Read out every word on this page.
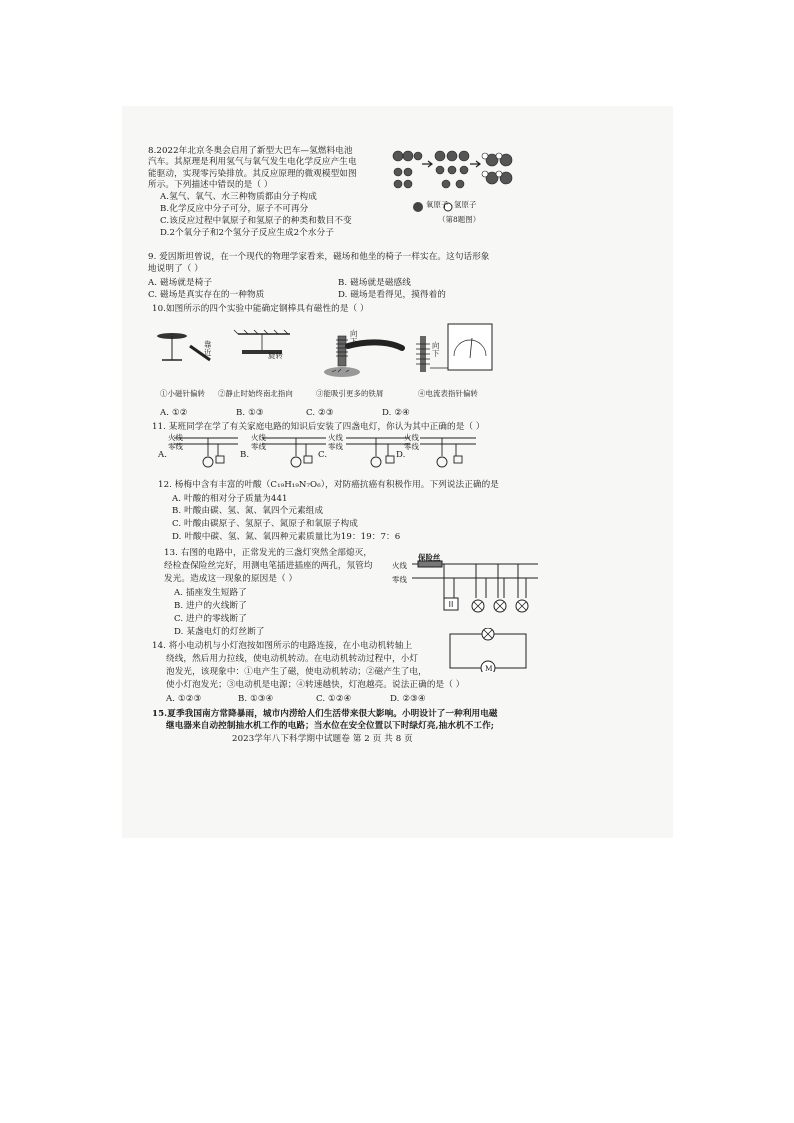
8.2022年北京冬奥会启用了新型大巴车—氢燃料电池
汽车。其原理是利用氢气与氧气发生电化学反应产生电
能驱动，实现零污染排放。其反应原理的微观模型如图
所示。下列描述中错误的是（ ）
A.氢气、氧气、水三种物质都由分子构成
B.化学反应中分子可分，原子不可再分
C.该反应过程中氧原子和氢原子的种类和数目不变
D.2个氧分子和2个氢分子反应生成2个水分子
氧原子 氢原子
（第8题图）
9. 爱因斯坦曾说，在一个现代的物理学家看来，磁场和他坐的椅子一样实在。这句话形象
地说明了（ ）
A. 磁场就是椅子	B. 磁场就是磁感线
C. 磁场是真实存在的一种物质	D. 磁场是看得见，摸得着的
10.如图所示的四个实验中能确定钢棒具有磁性的是（ ）
靠近	旋转
向下	向下
①小磁针偏转 ②静止时始终南北指向	③能吸引更多的铁屑	④电流表指针偏转
A. ①②	B. ①③	C. ②③	D. ②④
11. 某班同学在学了有关家庭电路的知识后安装了四盏电灯，你认为其中正确的是（ ）
火线
零线
火线
零线
火线
零线
火线
零线
A.	B.	C.	D.
12. 杨梅中含有丰富的叶酸（C₁₉H₁₉N₇O₆），对防癌抗癌有积极作用。下列说法正确的是
A. 叶酸的相对分子质量为441
B. 叶酸由碳、氢、氮、氧四个元素组成
C. 叶酸由碳原子、氢原子、氮原子和氧原子构成
D. 叶酸中碳、氢、氮、氧四种元素质量比为19：19：7：6
13. 右图的电路中，正常发光的三盏灯突然全部熄灭，
经检查保险丝完好，用测电笔插进插座的两孔，氖管均
发光。造成这一现象的原因是（ ）
A. 插座发生短路了
B. 进户的火线断了
C. 进户的零线断了
D. 某盏电灯的灯丝断了
II
保险丝
火线
零线
14. 将小电动机与小灯泡按如图所示的电路连接，在小电动机转轴上
绕线，然后用力拉线，使电动机转动。在电动机转动过程中，小灯
泡发光，该现象中：①电产生了磁，使电动机转动；②磁产生了电，
使小灯泡发光；③电动机是电源；④转速越快，灯泡越亮。说法正确的是（ ）
A. ①②③	B. ①③④	C. ①②④	D. ②③④
M
15.夏季我国南方常降暴雨，城市内涝给人们生活带来很大影响。小明设计了一种利用电磁
继电器来自动控制抽水机工作的电路；当水位在安全位置以下时绿灯亮,抽水机不工作;
2023学年八下科学期中试题卷 第 2 页 共 8 页
